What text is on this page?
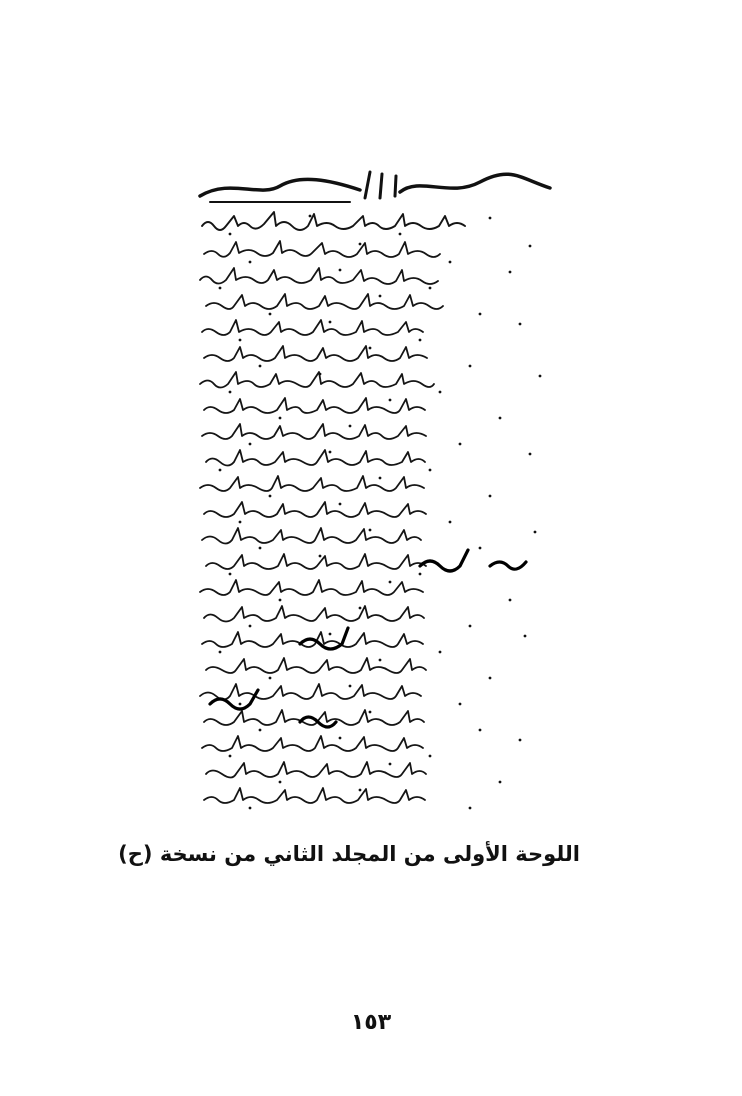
اللوحة الأولى من المجلد الثاني من نسخة (ح)
١٥٣
